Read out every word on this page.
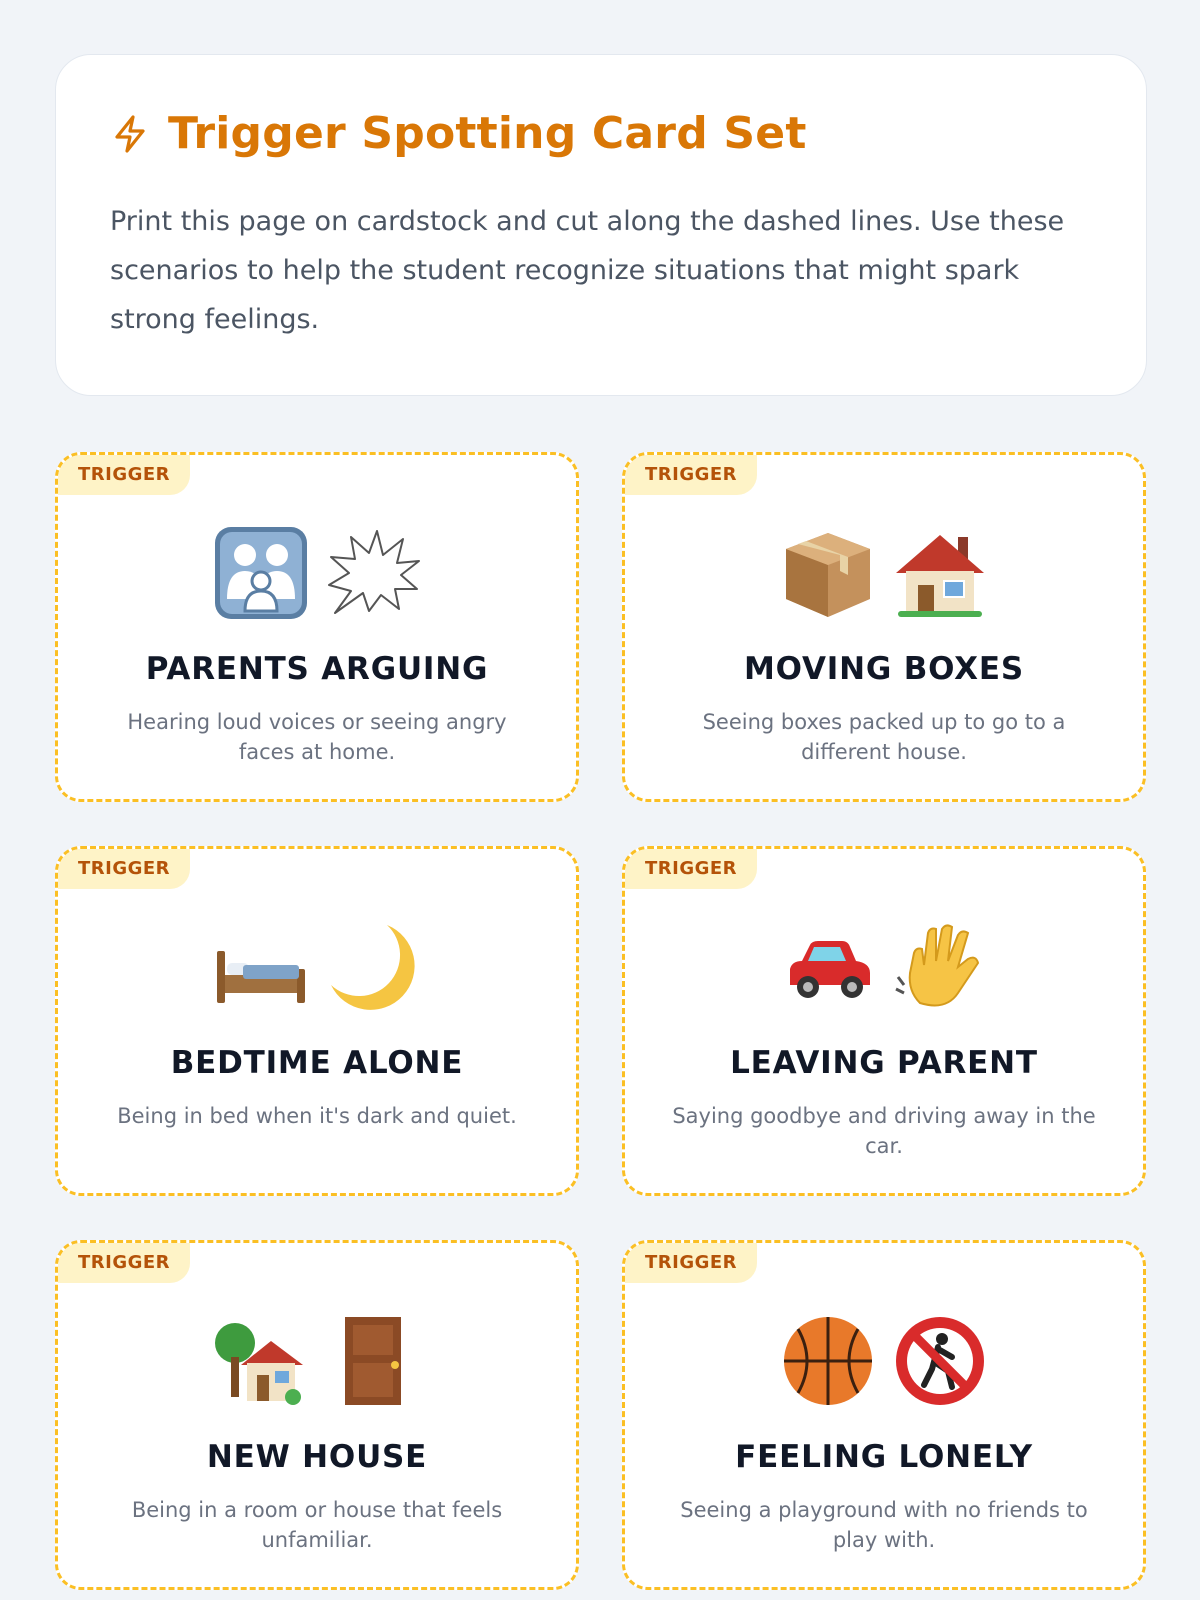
Trigger Spotting Card Set

Print this page on cardstock and cut along the dashed lines. Use these scenarios to help the student recognize situations that might spark strong feelings.

TRIGGER
PARENTS ARGUING
Hearing loud voices or seeing angry faces at home.
TRIGGER
MOVING BOXES
Seeing boxes packed up to go to a different house.
TRIGGER
BEDTIME ALONE
Being in bed when it's dark and quiet.
TRIGGER
LEAVING PARENT
Saying goodbye and driving away in the car.
TRIGGER
NEW HOUSE
Being in a room or house that feels unfamiliar.
TRIGGER
FEELING LONELY
Seeing a playground with no friends to play with.
